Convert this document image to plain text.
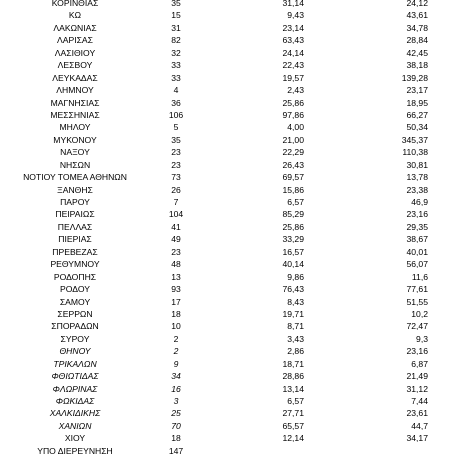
ΚΟΡΙΝΘΙΑΣ	35	31,14	24,12
ΚΩ	15	9,43	43,61
ΛΑΚΩΝΙΑΣ	31	23,14	34,78
ΛΑΡΙΣΑΣ	82	63,43	28,84
ΛΑΣΙΘΙΟΥ	32	24,14	42,45
ΛΕΣΒΟΥ	33	22,43	38,18
ΛΕΥΚΑΔΑΣ	33	19,57	139,28
ΛΗΜΝΟΥ	4	2,43	23,17
ΜΑΓΝΗΣΙΑΣ	36	25,86	18,95
ΜΕΣΣΗΝΙΑΣ	106	97,86	66,27
ΜΗΛΟΥ	5	4,00	50,34
ΜΥΚΟΝΟΥ	35	21,00	345,37
ΝΑΞΟΥ	23	22,29	110,38
ΝΗΣΩΝ	23	26,43	30,81
ΝΟΤΙΟΥ ΤΟΜΕΑ ΑΘΗΝΩΝ	73	69,57	13,78
ΞΑΝΘΗΣ	26	15,86	23,38
ΠΑΡΟΥ	7	6,57	46,9
ΠΕΙΡΑΙΩΣ	104	85,29	23,16
ΠΕΛΛΑΣ	41	25,86	29,35
ΠΙΕΡΙΑΣ	49	33,29	38,67
ΠΡΕΒΕΖΑΣ	23	16,57	40,01
ΡΕΘΥΜΝΟΥ	48	40,14	56,07
ΡΟΔΟΠΗΣ	13	9,86	11,6
ΡΟΔΟΥ	93	76,43	77,61
ΣΑΜΟΥ	17	8,43	51,55
ΣΕΡΡΩΝ	18	19,71	10,2
ΣΠΟΡΑΔΩΝ	10	8,71	72,47
ΣΥΡΟΥ	2	3,43	9,3
ΘΗΝΟΥ	2	2,86	23,16
ΤΡΙΚΑΛΩΝ	9	18,71	6,87
ΦΘΙΩΤΙΔΑΣ	34	28,86	21,49
ΦΛΩΡΙΝΑΣ	16	13,14	31,12
ΦΩΚΙΔΑΣ	3	6,57	7,44
ΧΑΛΚΙΔΙΚΗΣ	25	27,71	23,61
ΧΑΝΙΩΝ	70	65,57	44,7
ΧΙΟΥ	18	12,14	34,17
ΥΠΟ ΔΙΕΡΕΥΝΗΣΗ	147
